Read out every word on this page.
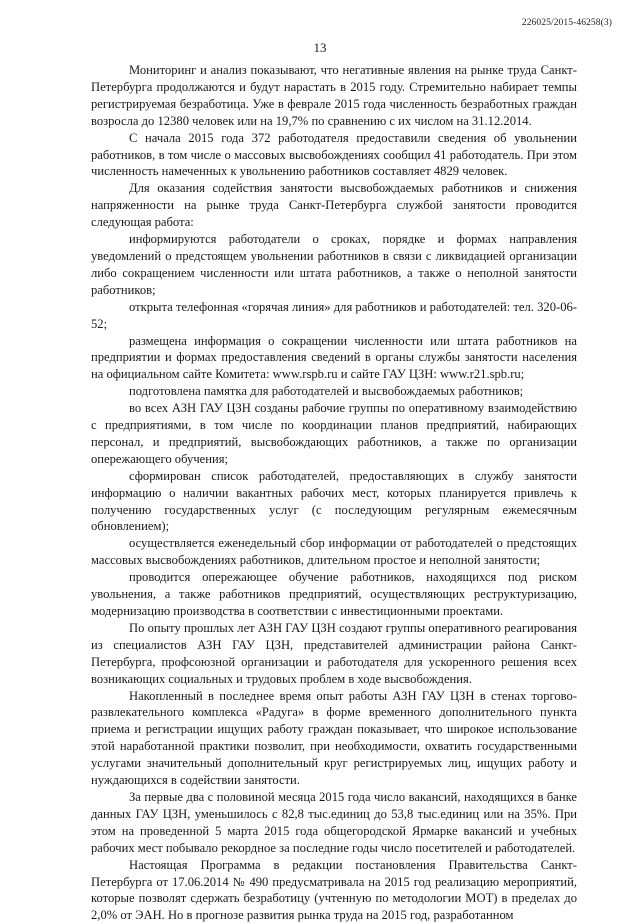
226025/2015-46258(3)
13

Мониторинг и анализ показывают, что негативные явления на рынке труда Санкт-Петербурга продолжаются и будут нарастать в 2015 году. Стремительно набирает темпы регистрируемая безработица. Уже в феврале 2015 года численность безработных граждан возросла до 12380 человек или на 19,7% по сравнению с их числом на 31.12.2014.

С начала 2015 года 372 работодателя предоставили сведения об увольнении работников, в том числе о массовых высвобождениях сообщил 41 работодатель. При этом численность намеченных к увольнению работников составляет 4829 человек.

Для оказания содействия занятости высвобождаемых работников и снижения напряженности на рынке труда Санкт-Петербурга службой занятости проводится следующая работа:

информируются работодатели о сроках, порядке и формах направления уведомлений о предстоящем увольнении работников в связи с ликвидацией организации либо сокращением численности или штата работников, а также о неполной занятости работников;

открыта телефонная «горячая линия» для работников и работодателей: тел. 320-06-52;

размещена информация о сокращении численности или штата работников на предприятии и формах предоставления сведений в органы службы занятости населения на официальном сайте Комитета: www.rspb.ru и сайте ГАУ ЦЗН: www.r21.spb.ru;

подготовлена памятка для работодателей и высвобождаемых работников;

во всех АЗН ГАУ ЦЗН созданы рабочие группы по оперативному взаимодействию с предприятиями, в том числе по координации планов предприятий, набирающих персонал, и предприятий, высвобождающих работников, а также по организации опережающего обучения;

сформирован список работодателей, предоставляющих в службу занятости информацию о наличии вакантных рабочих мест, которых планируется привлечь к получению государственных услуг (с последующим регулярным ежемесячным обновлением);

осуществляется еженедельный сбор информации от работодателей о предстоящих массовых высвобождениях работников, длительном простое и неполной занятости;

проводится опережающее обучение работников, находящихся под риском увольнения, а также работников предприятий, осуществляющих реструктуризацию, модернизацию производства в соответствии с инвестиционными проектами.

По опыту прошлых лет АЗН ГАУ ЦЗН создают группы оперативного реагирования из специалистов АЗН ГАУ ЦЗН, представителей администрации района Санкт-Петербурга, профсоюзной организации и работодателя для ускоренного решения всех возникающих социальных и трудовых проблем в ходе высвобождения.

Накопленный в последнее время опыт работы АЗН ГАУ ЦЗН в стенах торгово-развлекательного комплекса «Радуга» в форме временного дополнительного пункта приема и регистрации ищущих работу граждан показывает, что широкое использование этой наработанной практики позволит, при необходимости, охватить государственными услугами значительный дополнительный круг регистрируемых лиц, ищущих работу и нуждающихся в содействии занятости.

За первые два с половиной месяца 2015 года число вакансий, находящихся в банке данных ГАУ ЦЗН, уменьшилось с 82,8 тыс.единиц до 53,8 тыс.единиц или на 35%. При этом на проведенной 5 марта 2015 года общегородской Ярмарке вакансий и учебных рабочих мест побывало рекордное за последние годы число посетителей и работодателей.

Настоящая Программа в редакции постановления Правительства Санкт-Петербурга от 17.06.2014 № 490 предусматривала на 2015 год реализацию мероприятий, которые позволят сдержать безработицу (учтенную по методологии МОТ) в пределах до 2,0% от ЭАН. Но в прогнозе развития рынка труда на 2015 год, разработанном
